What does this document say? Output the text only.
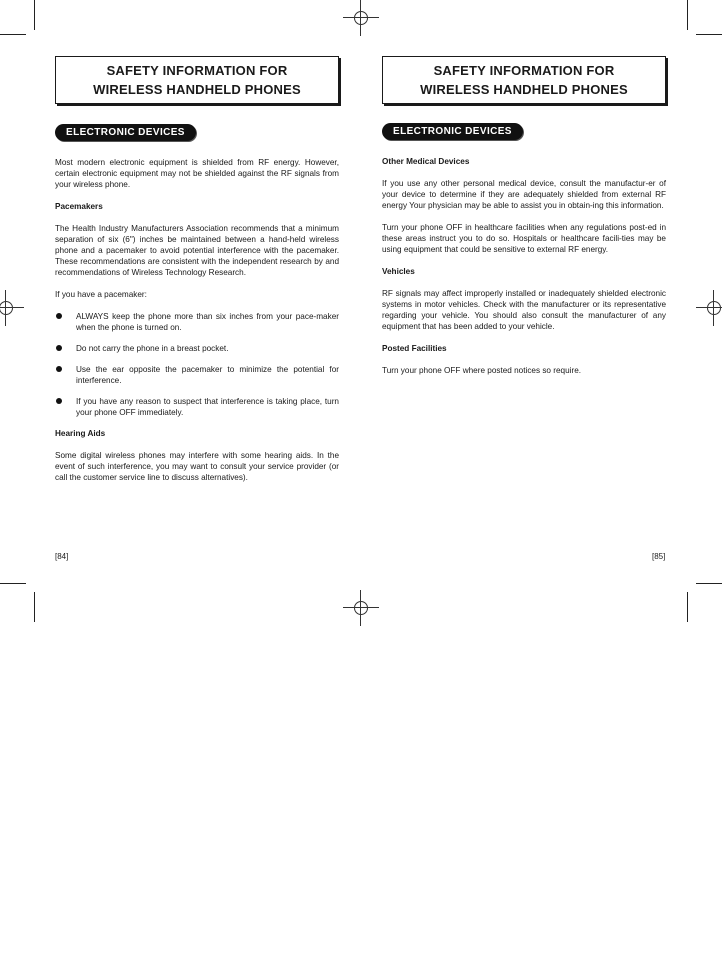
SAFETY INFORMATION FOR
WIRELESS HANDHELD PHONES
ELECTRONIC DEVICES

Most modern electronic equipment is shielded from RF energy. However, certain electronic equipment may not be shielded against the RF signals from your wireless phone.

Pacemakers

The Health Industry Manufacturers Association recommends that a minimum separation of six (6") inches be maintained between a hand-held wireless phone and a pacemaker to avoid potential interference with the pacemaker. These recommendations are consistent with the independent research by and recommendations of Wireless Technology Research.

If you have a pacemaker:

ALWAYS keep the phone more than six inches from your pace-maker when the phone is turned on.
Do not carry the phone in a breast pocket.
Use the ear opposite the pacemaker to minimize the potential for interference.
If you have any reason to suspect that interference is taking place, turn your phone OFF immediately.
Hearing Aids

Some digital wireless phones may interfere with some hearing aids. In the event of such interference, you may want to consult your service provider (or call the customer service line to discuss alternatives).

[84]
SAFETY INFORMATION FOR
WIRELESS HANDHELD PHONES
ELECTRONIC DEVICES
Other Medical Devices

If you use any other personal medical device, consult the manufactur-er of your device to determine if they are adequately shielded from external RF energy Your physician may be able to assist you in obtain-ing this information.

Turn your phone OFF in healthcare facilities when any regulations post-ed in these areas instruct you to do so. Hospitals or healthcare facili-ties may be using equipment that could be sensitive to external RF energy.

Vehicles

RF signals may affect improperly installed or inadequately shielded electronic systems in motor vehicles. Check with the manufacturer or its representative regarding your vehicle. You should also consult the manufacturer of any equipment that has been added to your vehicle.

Posted Facilities

Turn your phone OFF where posted notices so require.

[85]
